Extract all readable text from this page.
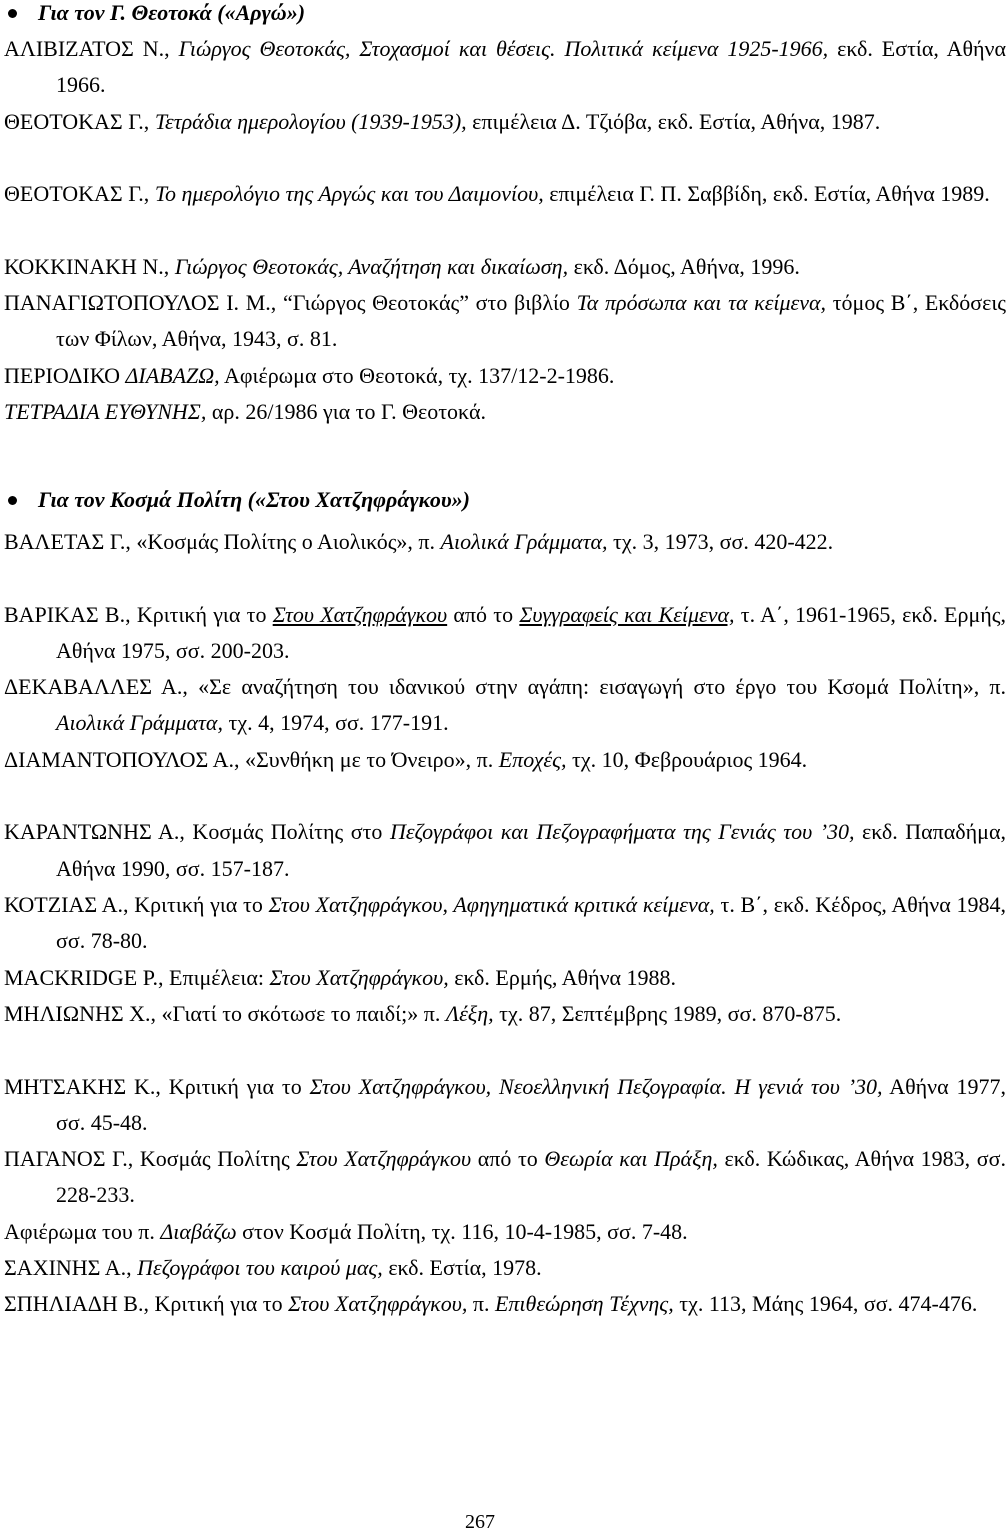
Για τον Γ. Θεοτοκά («Αργώ»)
ΑΛΙΒΙΖΑΤΟΣ Ν., Γιώργος Θεοτοκάς, Στοχασμοί και θέσεις. Πολιτικά κείμενα 1925-1966, εκδ. Εστία, Αθήνα 1966.
ΘΕΟΤΟΚΑΣ Γ., Τετράδια ημερολογίου (1939-1953), επιμέλεια Δ. Τζιόβα, εκδ. Εστία, Αθήνα, 1987.
ΘΕΟΤΟΚΑΣ Γ., Το ημερολόγιο της Αργώς και του Δαιμονίου, επιμέλεια Γ. Π. Σαββίδη, εκδ. Εστία, Αθήνα 1989.
ΚΟΚΚΙΝΑΚΗ Ν., Γιώργος Θεοτοκάς, Αναζήτηση και δικαίωση, εκδ. Δόμος, Αθήνα, 1996.
ΠΑΝΑΓΙΩΤΟΠΟΥΛΟΣ Ι. Μ., “Γιώργος Θεοτοκάς” στο βιβλίο Τα πρόσωπα και τα κείμενα, τόμος Β΄, Εκδόσεις των Φίλων, Αθήνα, 1943, σ. 81.
ΠΕΡΙΟΔΙΚΟ ΔΙΑΒΑΖΩ, Αφιέρωμα στο Θεοτοκά, τχ. 137/12-2-1986.
ΤΕΤΡΑΔΙΑ ΕΥΘΥΝΗΣ, αρ. 26/1986 για το Γ. Θεοτοκά.
Για τον Κοσμά Πολίτη («Στου Χατζηφράγκου»)
ΒΑΛΕΤΑΣ Γ., «Κοσμάς Πολίτης ο Αιολικός», π. Αιολικά Γράμματα, τχ. 3, 1973, σσ. 420-422.
ΒΑΡΙΚΑΣ Β., Κριτική για το Στου Χατζηφράγκου από το Συγγραφείς και Κείμενα, τ. Α΄, 1961-1965, εκδ. Ερμής, Αθήνα 1975, σσ. 200-203.
ΔΕΚΑΒΑΛΛΕΣ Α., «Σε αναζήτηση του ιδανικού στην αγάπη: εισαγωγή στο έργο του Κσομά Πολίτη», π. Αιολικά Γράμματα, τχ. 4, 1974, σσ. 177-191.
ΔΙΑΜΑΝΤΟΠΟΥΛΟΣ Α., «Συνθήκη με το Όνειρο», π. Εποχές, τχ. 10, Φεβρουάριος 1964.
ΚΑΡΑΝΤΩΝΗΣ Α., Κοσμάς Πολίτης στο Πεζογράφοι και Πεζογραφήματα της Γενιάς του ’30, εκδ. Παπαδήμα, Αθήνα 1990, σσ. 157-187.
ΚΟΤΖΙΑΣ Α., Κριτική για το Στου Χατζηφράγκου, Αφηγηματικά κριτικά κείμενα, τ. Β΄, εκδ. Κέδρος, Αθήνα 1984, σσ. 78-80.
MACKRIDGE P., Επιμέλεια: Στου Χατζηφράγκου, εκδ. Ερμής, Αθήνα 1988.
ΜΗΛΙΩΝΗΣ Χ., «Γιατί το σκότωσε το παιδί;» π. Λέξη, τχ. 87, Σεπτέμβρης 1989, σσ. 870-875.
ΜΗΤΣΑΚΗΣ Κ., Κριτική για το Στου Χατζηφράγκου, Νεοελληνική Πεζογραφία. Η γενιά του ’30, Αθήνα 1977, σσ. 45-48.
ΠΑΓΑΝΟΣ Γ., Κοσμάς Πολίτης Στου Χατζηφράγκου από το Θεωρία και Πράξη, εκδ. Κώδικας, Αθήνα 1983, σσ. 228-233.
Αφιέρωμα του π. Διαβάζω στον Κοσμά Πολίτη, τχ. 116, 10-4-1985, σσ. 7-48.
ΣΑΧΙΝΗΣ Α., Πεζογράφοι του καιρού μας, εκδ. Εστία, 1978.
ΣΠΗΛΙΑΔΗ Β., Κριτική για το Στου Χατζηφράγκου, π. Επιθεώρηση Τέχνης, τχ. 113, Μάης 1964, σσ. 474-476.
267
